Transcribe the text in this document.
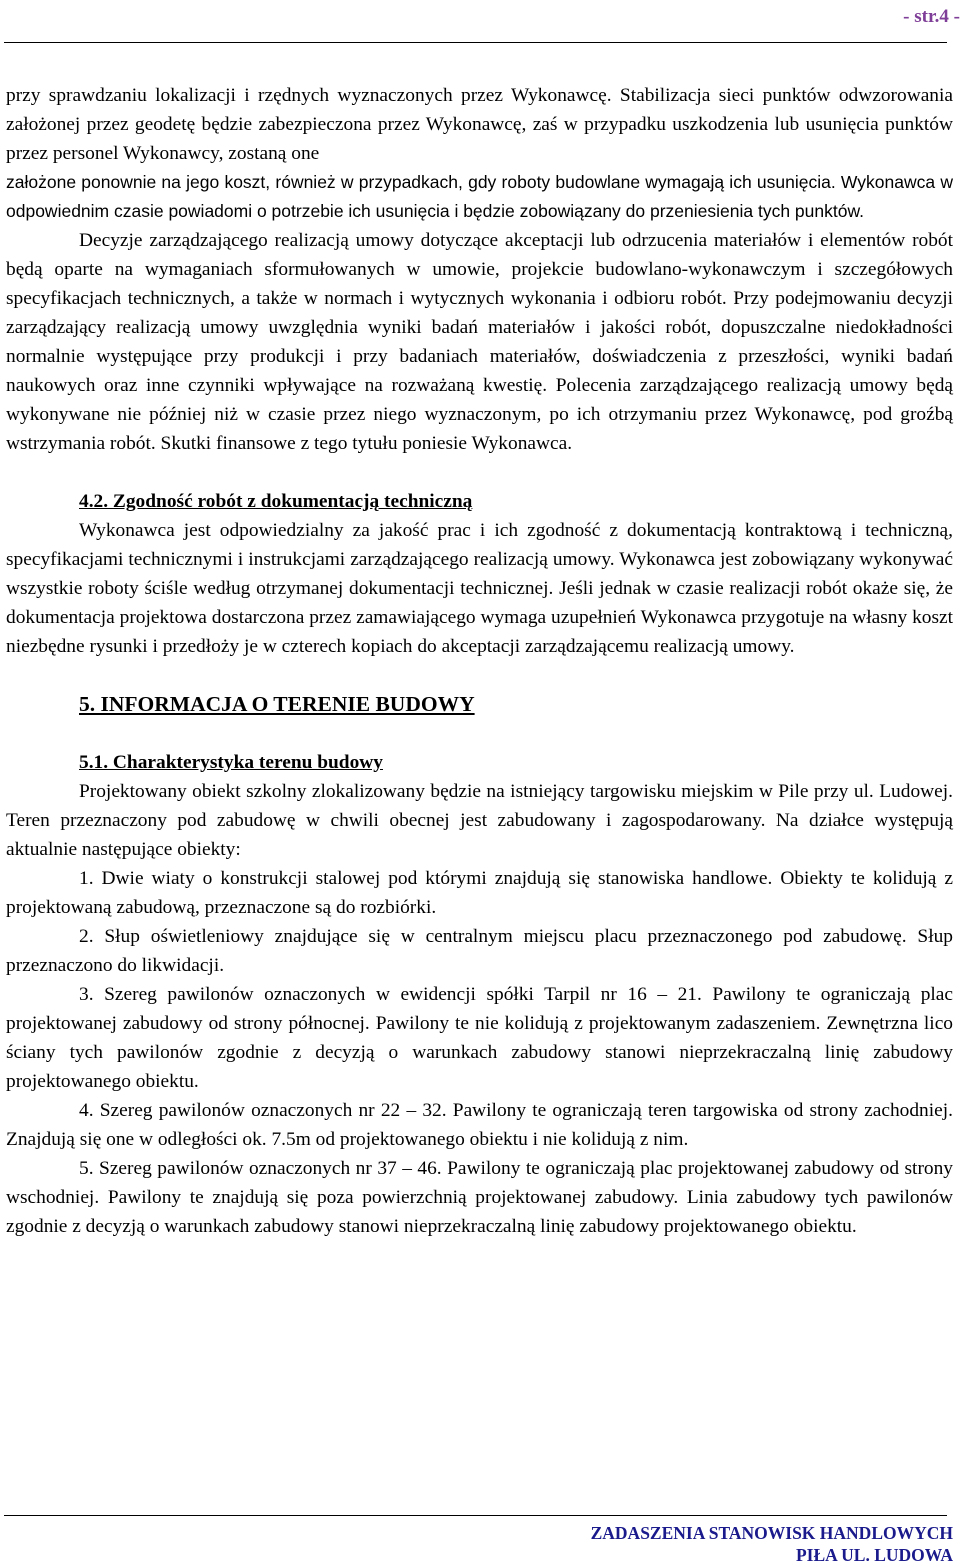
- str.4 -

przy sprawdzaniu lokalizacji i rzędnych wyznaczonych przez Wykonawcę. Stabilizacja sieci punktów odwzorowania założonej przez geodetę będzie zabezpieczona przez Wykonawcę, zaś w przypadku uszkodzenia lub usunięcia punktów przez personel Wykonawcy, zostaną one

założone ponownie na jego koszt, również w przypadkach, gdy roboty budowlane wymagają ich usunięcia. Wykonawca w odpowiednim czasie powiadomi o potrzebie ich usunięcia i będzie zobowiązany do przeniesienia tych punktów.

Decyzje zarządzającego realizacją umowy dotyczące akceptacji lub odrzucenia materiałów i elementów robót będą oparte na wymaganiach sformułowanych w umowie, projekcie budowlano-wykonawczym i szczegółowych specyfikacjach technicznych, a także w normach i wytycznych wykonania i odbioru robót. Przy podejmowaniu decyzji zarządzający realizacją umowy uwzględnia wyniki badań materiałów i jakości robót, dopuszczalne niedokładności normalnie występujące przy produkcji i przy badaniach materiałów, doświadczenia z przeszłości, wyniki badań naukowych oraz inne czynniki wpływające na rozważaną kwestię. Polecenia zarządzającego realizacją umowy będą wykonywane nie później niż w czasie przez niego wyznaczonym, po ich otrzymaniu przez Wykonawcę, pod groźbą wstrzymania robót. Skutki finansowe z tego tytułu poniesie Wykonawca.

4.2. Zgodność robót z dokumentacją techniczną

Wykonawca jest odpowiedzialny za jakość prac i ich zgodność z dokumentacją kontraktową i techniczną, specyfikacjami technicznymi i instrukcjami zarządzającego realizacją umowy. Wykonawca jest zobowiązany wykonywać wszystkie roboty ściśle według otrzymanej dokumentacji technicznej. Jeśli jednak w czasie realizacji robót okaże się, że dokumentacja projektowa dostarczona przez zamawiającego wymaga uzupełnień Wykonawca przygotuje na własny koszt niezbędne rysunki i przedłoży je w czterech kopiach do akceptacji zarządzającemu realizacją umowy.

5. INFORMACJA O TERENIE BUDOWY
5.1. Charakterystyka terenu budowy

Projektowany obiekt szkolny zlokalizowany będzie na istniejący targowisku miejskim w Pile przy ul. Ludowej. Teren przeznaczony pod zabudowę w chwili obecnej jest zabudowany i zagospodarowany. Na działce występują aktualnie następujące obiekty:

1. Dwie wiaty o konstrukcji stalowej pod którymi znajdują się stanowiska handlowe. Obiekty te kolidują z projektowaną zabudową, przeznaczone są do rozbiórki.

2. Słup oświetleniowy znajdujące się w centralnym miejscu placu przeznaczonego pod zabudowę. Słup przeznaczono do likwidacji.

3. Szereg pawilonów oznaczonych w ewidencji spółki Tarpil nr 16 – 21. Pawilony te ograniczają plac projektowanej zabudowy od strony północnej. Pawilony te nie kolidują z projektowanym zadaszeniem. Zewnętrzna lico ściany tych pawilonów zgodnie z decyzją o warunkach zabudowy stanowi nieprzekraczalną linię zabudowy projektowanego obiektu.

4. Szereg pawilonów oznaczonych nr 22 – 32. Pawilony te ograniczają teren targowiska od strony zachodniej. Znajdują się one w odległości ok. 7.5m od projektowanego obiektu i nie kolidują z nim.

5. Szereg pawilonów oznaczonych nr 37 – 46. Pawilony te ograniczają plac projektowanej zabudowy od strony wschodniej. Pawilony te znajdują się poza powierzchnią projektowanej zabudowy. Linia zabudowy tych pawilonów zgodnie z decyzją o warunkach zabudowy stanowi nieprzekraczalną linię zabudowy projektowanego obiektu.

ZADASZENIA STANOWISK HANDLOWYCH
PIŁA UL. LUDOWA
